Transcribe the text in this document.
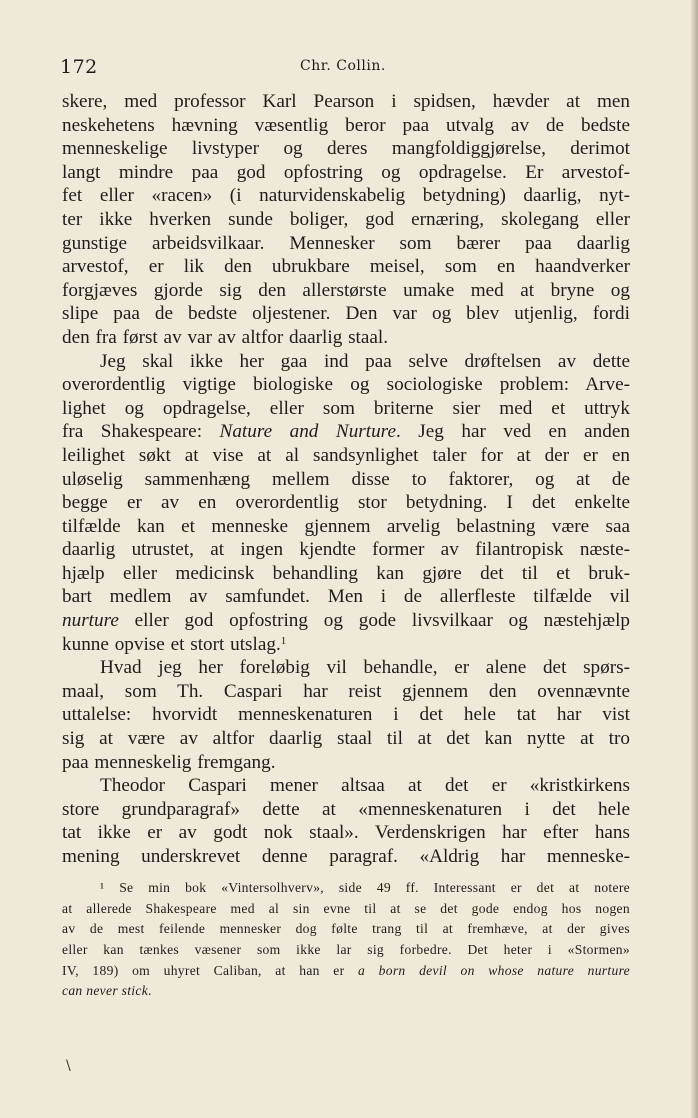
172	Chr. Collin.
skere, med professor Karl Pearson i spidsen, hævder at men
neskehetens hævning væsentlig beror paa utvalg av de bedste
menneskelige livstyper og deres mangfoldiggjørelse, derimot
langt mindre paa god opfostring og opdragelse. Er arvestof-
fet eller «racen» (i naturvidenskabelig betydning) daarlig, nyt-
ter ikke hverken sunde boliger, god ernæring, skolegang eller
gunstige arbeidsvilkaar. Mennesker som bærer paa daarlig
arvestof, er lik den ubrukbare meisel, som en haandverker
forgjæves gjorde sig den allerstørste umake med at bryne og
slipe paa de bedste oljestener. Den var og blev utjenlig, fordi
den fra først av var av altfor daarlig staal.
Jeg skal ikke her gaa ind paa selve drøftelsen av dette
overordentlig vigtige biologiske og sociologiske problem: Arve-
lighet og opdragelse, eller som briterne sier med et uttryk
fra Shakespeare: Nature and Nurture. Jeg har ved en anden
leilighet søkt at vise at al sandsynlighet taler for at der er en
uløselig sammenhæng mellem disse to faktorer, og at de
begge er av en overordentlig stor betydning. I det enkelte
tilfælde kan et menneske gjennem arvelig belastning være saa
daarlig utrustet, at ingen kjendte former av filantropisk næste-
hjælp eller medicinsk behandling kan gjøre det til et bruk-
bart medlem av samfundet. Men i de allerfleste tilfælde vil
nurture eller god opfostring og gode livsvilkaar og næstehjælp
kunne opvise et stort utslag.$^1$
Hvad jeg her foreløbig vil behandle, er alene det spørs-
maal, som Th. Caspari har reist gjennem den ovennævnte
uttalelse: hvorvidt menneskenaturen i det hele tat har vist
sig at være av altfor daarlig staal til at det kan nytte at tro
paa menneskelig fremgang.
Theodor Caspari mener altsaa at det er «kristkirkens
store grundparagraf» dette at «menneskenaturen i det hele
tat ikke er av godt nok staal». Verdenskrigen har efter hans
mening underskrevet denne paragraf. «Aldrig har menneske-
¹ Se min bok «Vintersolhverv», side 49 ff. Interessant er det at notere
at allerede Shakespeare med al sin evne til at se det gode endog hos nogen
av de mest feilende mennesker dog følte trang til at fremhæve, at der gives
eller kan tænkes væsener som ikke lar sig forbedre. Det heter i «Stormen»
IV, 189) om uhyret Caliban, at han er a born devil on whose nature nurture
can never stick.
\
